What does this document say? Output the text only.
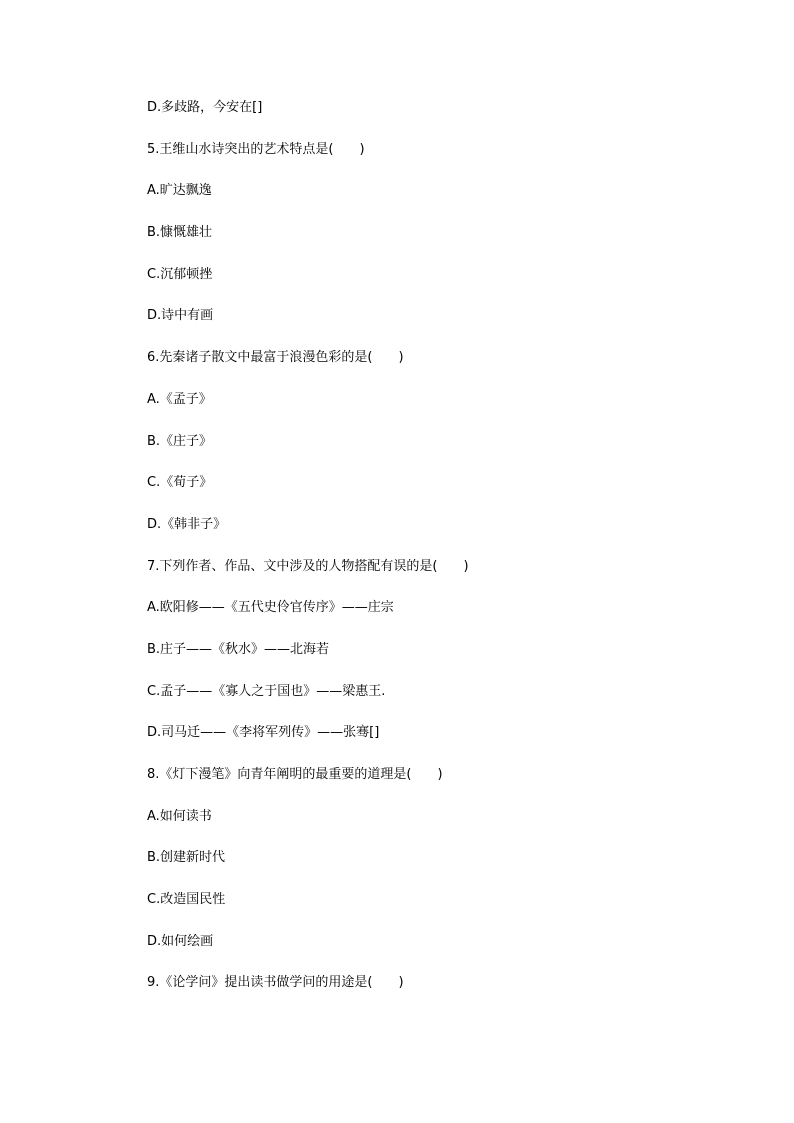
D.多歧路，今安在[]
5.王维山水诗突出的艺术特点是(　　)
A.旷达飘逸
B.慷慨雄壮
C.沉郁顿挫
D.诗中有画
6.先秦诸子散文中最富于浪漫色彩的是(　　)
A.《孟子》
B.《庄子》
C.《荀子》
D.《韩非子》
7.下列作者、作品、文中涉及的人物搭配有误的是(　　)
A.欧阳修——《五代史伶官传序》——庄宗
B.庄子——《秋水》——北海若
C.孟子——《寡人之于国也》——梁惠王.
D.司马迁——《李将军列传》——张骞[]
8.《灯下漫笔》向青年阐明的最重要的道理是(　　)
A.如何读书
B.创建新时代
C.改造国民性
D.如何绘画
9.《论学问》提出读书做学问的用途是(　　)
